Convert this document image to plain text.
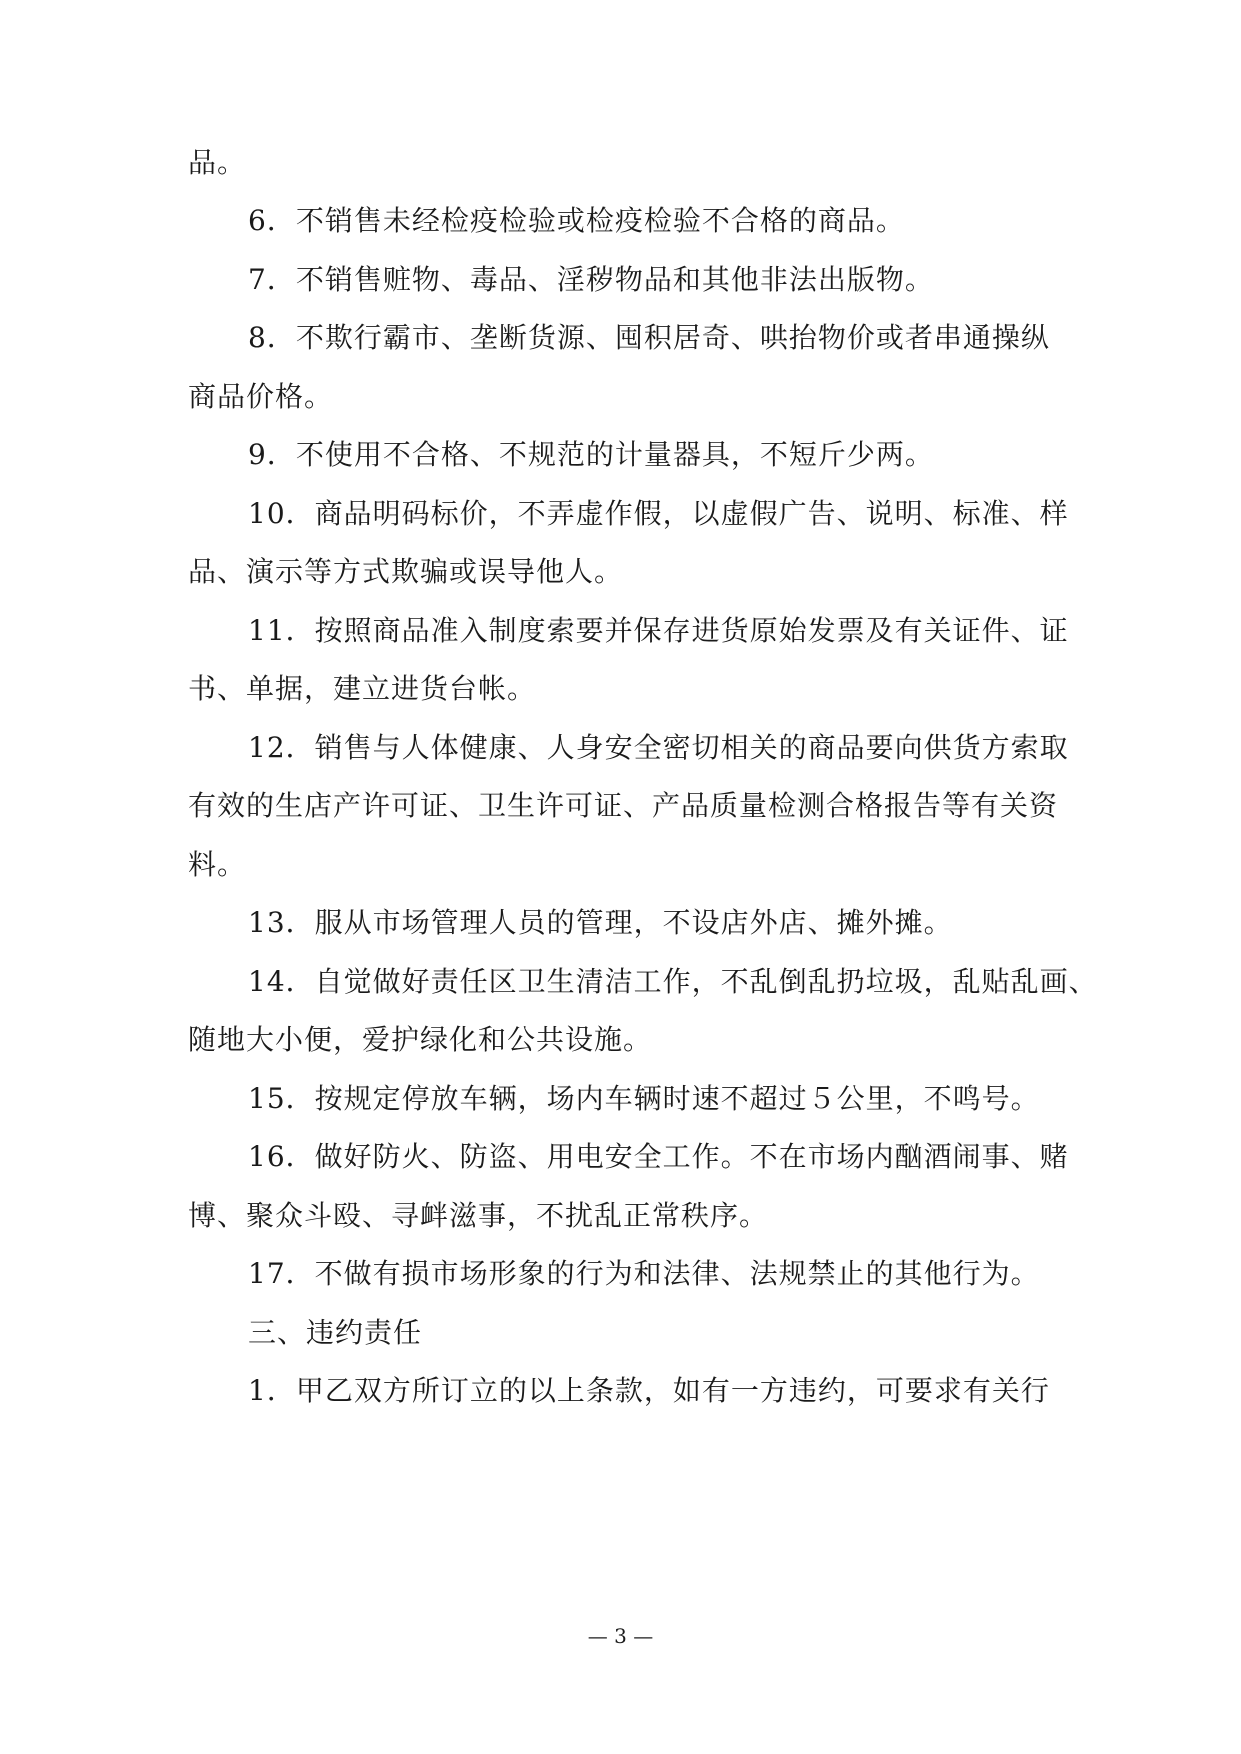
品。
6．不销售未经检疫检验或检疫检验不合格的商品。
7．不销售赃物、毒品、淫秽物品和其他非法出版物。
8．不欺行霸市、垄断货源、囤积居奇、哄抬物价或者串通操纵
商品价格。
9．不使用不合格、不规范的计量器具，不短斤少两。
10．商品明码标价，不弄虚作假，以虚假广告、说明、标准、样
品、演示等方式欺骗或误导他人。
11．按照商品准入制度索要并保存进货原始发票及有关证件、证
书、单据，建立进货台帐。
12．销售与人体健康、人身安全密切相关的商品要向供货方索取
有效的生店产许可证、卫生许可证、产品质量检测合格报告等有关资
料。
13．服从市场管理人员的管理，不设店外店、摊外摊。
14．自觉做好责任区卫生清洁工作，不乱倒乱扔垃圾，乱贴乱画、
随地大小便，爱护绿化和公共设施。
15．按规定停放车辆，场内车辆时速不超过５公里，不鸣号。
16．做好防火、防盗、用电安全工作。不在市场内酗酒闹事、赌
博、聚众斗殴、寻衅滋事，不扰乱正常秩序。
17．不做有损市场形象的行为和法律、法规禁止的其他行为。
三、违约责任
1．甲乙双方所订立的以上条款，如有一方违约，可要求有关行
— 3 —
